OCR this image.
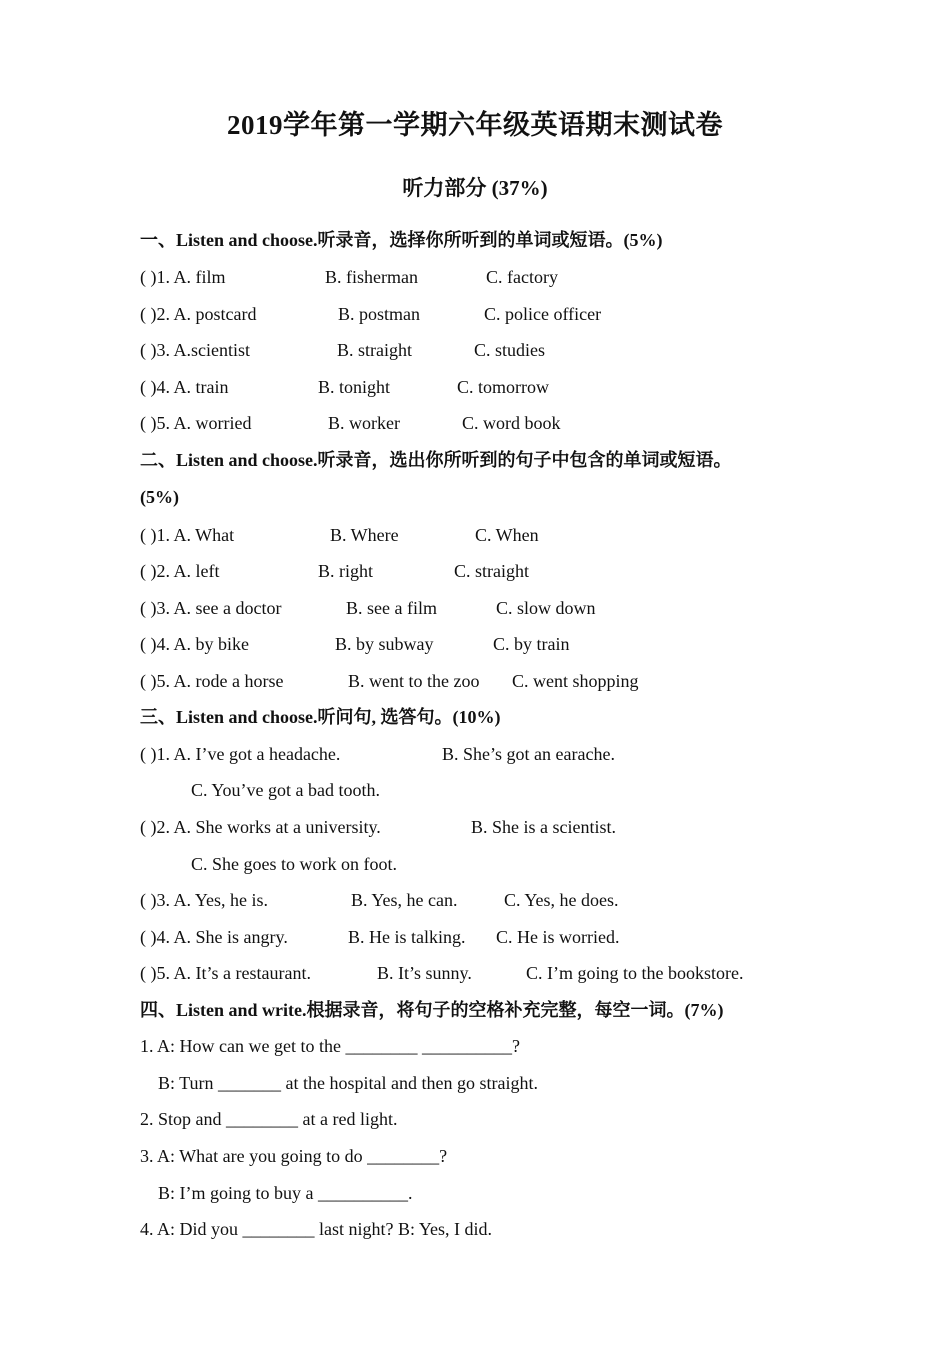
2019学年第一学期六年级英语期末测试卷
听力部分 (37%)
一、Listen and choose.听录音，选择你所听到的单词或短语。(5%)
( )1. A. film	B. fisherman	C. factory
( )2. A. postcard	B. postman	C. police officer
( )3. A.scientist	B. straight	C. studies
( )4. A. train	B. tonight	C. tomorrow
( )5. A. worried	B. worker	C. word book
二、Listen and choose.听录音，选出你所听到的句子中包含的单词或短语。
(5%)
( )1. A. What	B. Where	C. When
( )2. A. left	B. right	C. straight
( )3. A. see a doctor	B. see a film	C. slow down
( )4. A. by bike	B. by subway	C. by train
( )5. A. rode a horse	B. went to the zoo C. went shopping
三、Listen and choose.听问句, 选答句。(10%)
( )1. A. I’ve got a headache.	B. She’s got an earache.
C. You’ve got a bad tooth.
( )2. A. She works at a university.	B. She is a scientist.
C. She goes to work on foot.
( )3. A. Yes, he is.	B. Yes, he can.	C. Yes, he does.
( )4. A. She is angry.	B. He is talking. C. He is worried.
( )5. A. It’s a restaurant.	B. It’s sunny.	C. I’m going to the bookstore.
四、Listen and write.根据录音，将句子的空格补充完整，每空一词。(7%)
1. A: How can we get to the ________ __________?
B: Turn _______ at the hospital and then go straight.
2. Stop and ________ at a red light.
3. A: What are you going to do ________?
B: I’m going to buy a __________.
4. A: Did you ________ last night? B: Yes, I did.
